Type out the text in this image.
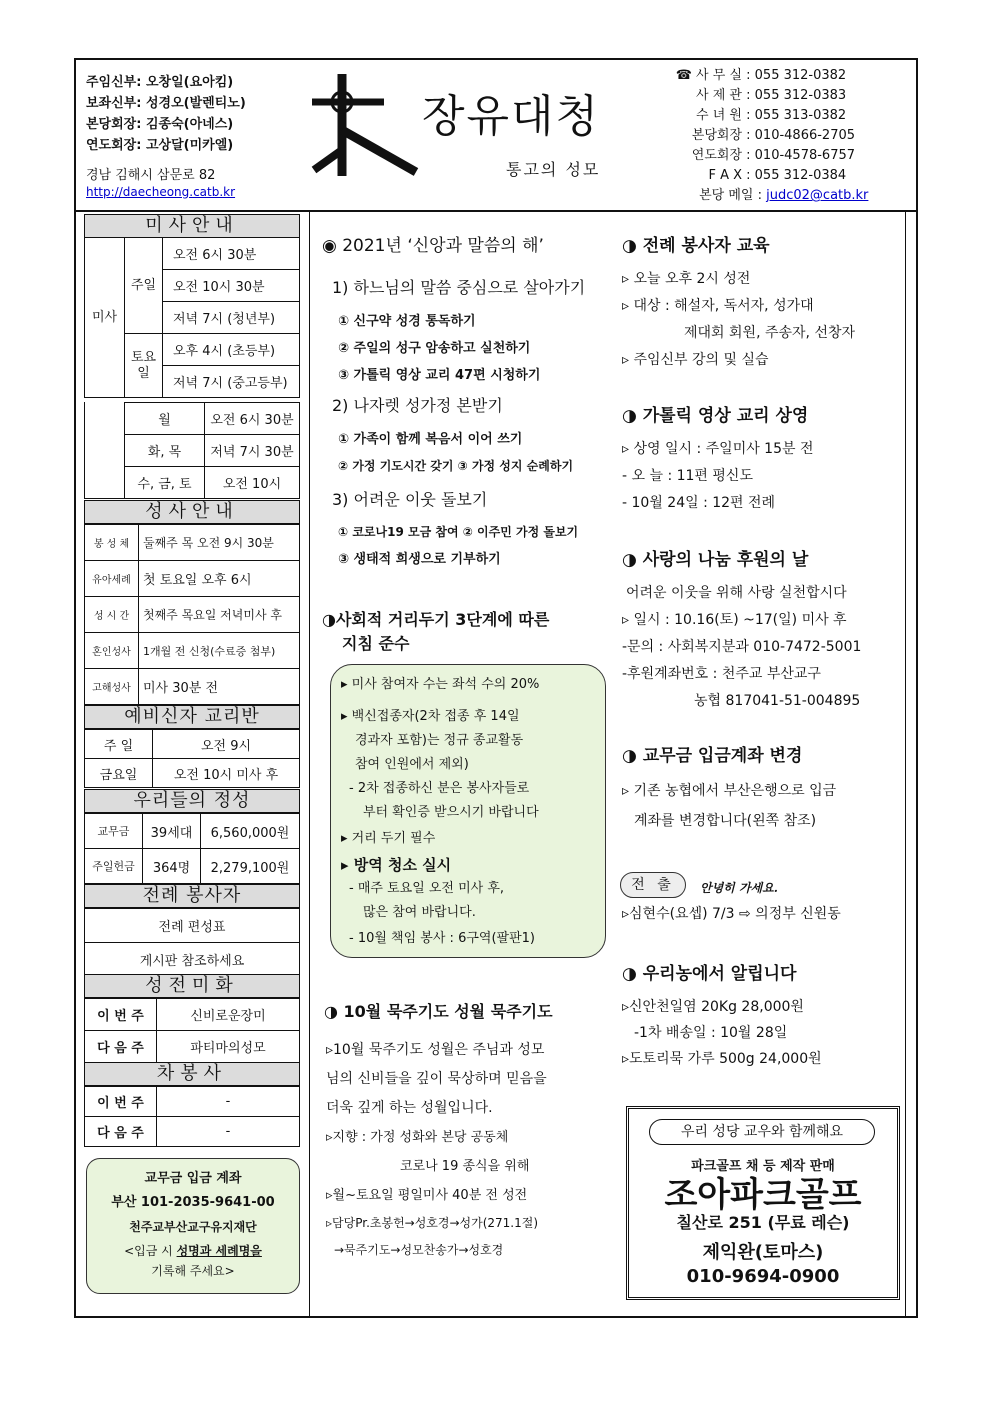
주임신부: 오창일(요아킴)
보좌신부: 성경오(발렌티노)
본당회장: 김종숙(아네스)
연도회장: 고상달(미카엘)
경남 김해시 삼문로 82
http://daecheong.catb.kr
장유대청
통고의 성모
☎ 사 무 실 : 055 312-0382
사 제 관 : 055 312-0383
수 녀 원 : 055 313-0382
본당회장 : 010-4866-2705
연도회장 : 010-4578-6757
F A X : 055 312-0384
본당 메일 : judc02@catb.kr
미사안내
미사	주일	오전 6시 30분
		오전 10시 30분
		저녁 7시 (청년부)
	토요일	오후 4시 (초등부)
		저녁 7시 (중고등부)
월	오전 6시 30분
화, 목	저녁 7시 30분
수, 금, 토	오전 10시
성사안내
봉 성 체	둘째주 목 오전 9시 30분
유아세례	첫 토요일 오후 6시
성 시 간	첫째주 목요일 저녁미사 후
혼인성사	1개월 전 신청(수료증 첨부)
고해성사	미사 30분 전
예비신자 교리반
주 일	오전 9시
금요일	오전 10시 미사 후
우리들의 정성
교무금	39세대	6,560,000원
주일헌금	364명	2,279,100원
전례 봉사자
전례 편성표
게시판 참조하세요
성전미화
이 번 주	신비로운장미
다 음 주	파티마의성모
차봉사
이 번 주	-
다 음 주	-
교무금 입금 계좌
부산 101-2035-9641-00
천주교부산교구유지재단
<입금 시 성명과 세례명을
기록해 주세요>
◉ 2021년 ‘신앙과 말씀의 해’
1) 하느님의 말씀 중심으로 살아가기
① 신구약 성경 통독하기
② 주일의 성구 암송하고 실천하기
③ 가톨릭 영상 교리 47편 시청하기
2) 나자렛 성가정 본받기
① 가족이 함께 복음서 이어 쓰기
② 가정 기도시간 갖기 ③ 가정 성지 순례하기
3) 어려운 이웃 돌보기
① 코로나19 모금 참여 ② 이주민 가정 돌보기
③ 생태적 희생으로 기부하기
◑사회적 거리두기 3단계에 따른
지침 준수
▸ 미사 참여자 수는 좌석 수의 20%
▸ 백신접종자(2차 접종 후 14일
경과자 포함)는 정규 종교활동
참여 인원에서 제외)
- 2차 접종하신 분은 봉사자들로
부터 확인증 받으시기 바랍니다
▸ 거리 두기 필수
▸ 방역 청소 실시
- 매주 토요일 오전 미사 후,
많은 참여 바랍니다.
- 10월 책임 봉사 : 6구역(팔판1)
◑ 10월 묵주기도 성월 묵주기도
▹10월 묵주기도 성월은 주님과 성모
님의 신비들을 깊이 묵상하며 믿음을
더욱 깊게 하는 성월입니다.
▹지향 : 가정 성화와 본당 공동체
코로나 19 종식을 위해
▹월~토요일 평일미사 40분 전 성전
▹담당Pr.초봉헌→성호경→성가(271.1절)
→묵주기도→성모찬송가→성호경
◑ 전례 봉사자 교육
▹ 오늘 오후 2시 성전
▹ 대상 : 해설자, 독서자, 성가대
제대회 회원, 주송자, 선창자
▹ 주임신부 강의 및 실습
◑ 가톨릭 영상 교리 상영
▹ 상영 일시 : 주일미사 15분 전
- 오 늘 : 11편 평신도
- 10월 24일 : 12편 전례
◑ 사랑의 나눔 후원의 날
어려운 이웃을 위해 사랑 실천합시다
▹ 일시 : 10.16(토) ~17(일) 미사 후
-문의 : 사회복지분과 010-7472-5001
-후원계좌번호 : 천주교 부산교구
농협 817041-51-004895
◑ 교무금 입금계좌 변경
▹ 기존 농협에서 부산은행으로 입금
계좌를 변경합니다(왼쪽 참조)
전 출	안녕히 가세요.
▹심현수(요셉) 7/3 ⇨ 의정부 신원동
◑ 우리농에서 알립니다
▹신안천일염 20Kg 28,000원
-1차 배송일 : 10월 28일
▹도토리묵 가루 500g 24,000원
우리 성당 교우와 함께해요
파크골프 채 등 제작 판매
조아파크골프
칠산로 251 (무료 레슨)
제익완(토마스)
010-9694-0900
